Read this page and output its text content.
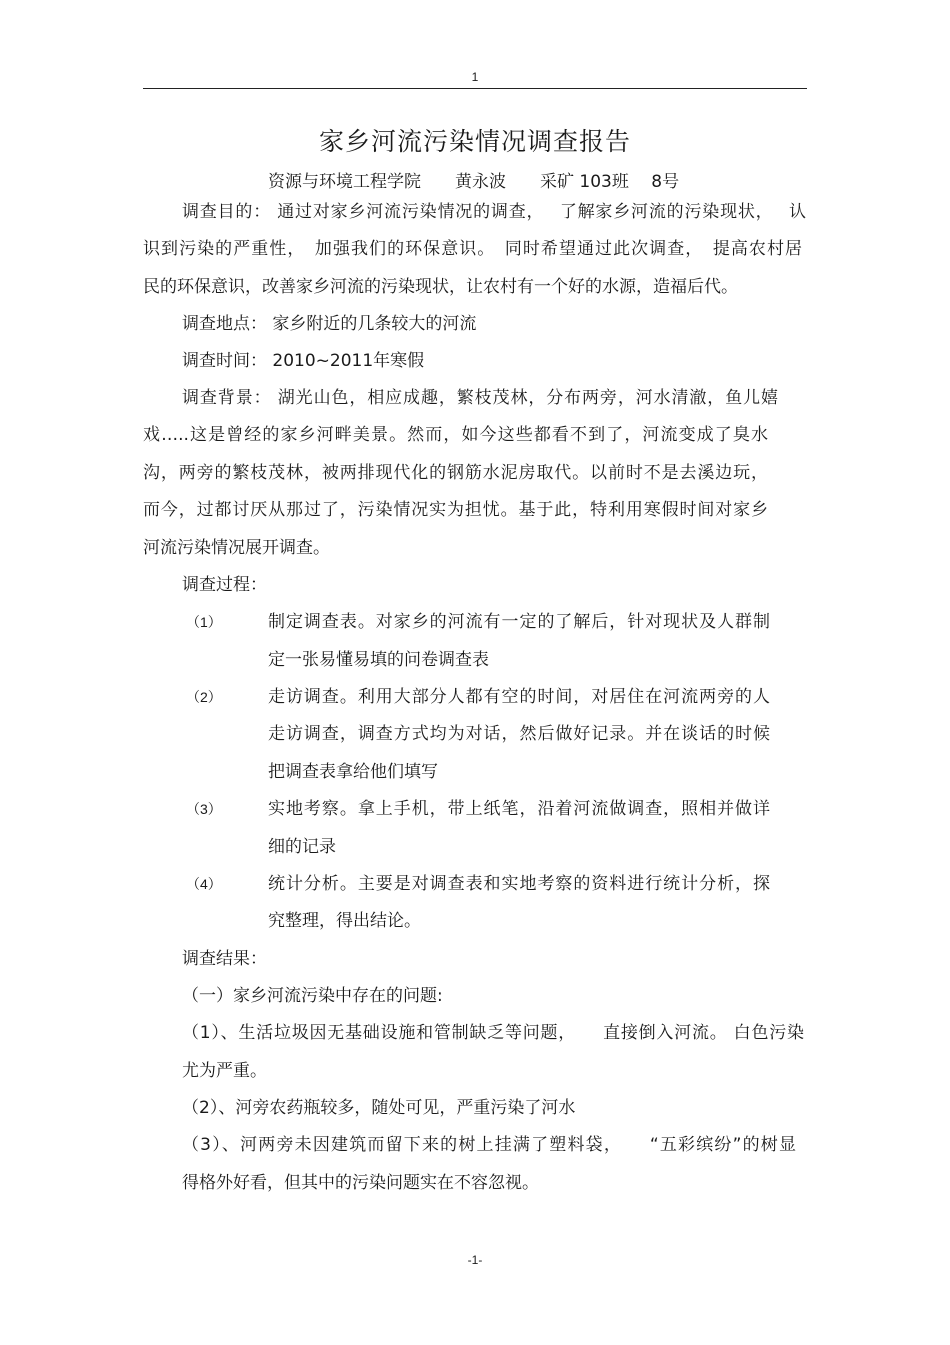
1
家乡河流污染情况调查报告
资源与环境工程学院　　黄永波　　采矿 103班　 8号
调查目的： 通过对家乡河流污染情况的调查，　 了解家乡河流的污染现状，　 认
识到污染的严重性，　加强我们的环保意识。　同时希望通过此次调查，　提高农村居
民的环保意识，改善家乡河流的污染现状，让农村有一个好的水源，造福后代。
调查地点： 家乡附近的几条较大的河流
调查时间： 2010~2011年寒假
调查背景： 湖光山色，相应成趣，繁枝茂林，分布两旁，河水清澈，鱼儿嬉
戏…..这是曾经的家乡河畔美景。然而，如今这些都看不到了，河流变成了臭水
沟，两旁的繁枝茂林，被两排现代化的钢筋水泥房取代。以前时不是去溪边玩，
而今，过都讨厌从那过了，污染情况实为担忧。基于此，特利用寒假时间对家乡
河流污染情况展开调查。
调查过程：
（1）	制定调查表。对家乡的河流有一定的了解后，针对现状及人群制
定一张易懂易填的问卷调查表
（2）	走访调查。利用大部分人都有空的时间，对居住在河流两旁的人
走访调查，调查方式均为对话，然后做好记录。并在谈话的时候
把调查表拿给他们填写
（3）	实地考察。拿上手机，带上纸笔，沿着河流做调查，照相并做详
细的记录
（4）	统计分析。主要是对调查表和实地考察的资料进行统计分析，探
究整理，得出结论。
调查结果：
（一）家乡河流污染中存在的问题:
（1）、生活垃圾因无基础设施和管制缺乏等问题，　　直接倒入河流。 白色污染
尤为严重。
（2）、河旁农药瓶较多，随处可见，严重污染了河水
（3）、河两旁未因建筑而留下来的树上挂满了塑料袋，　　“五彩缤纷”的树显
得格外好看，但其中的污染问题实在不容忽视。
-1-
